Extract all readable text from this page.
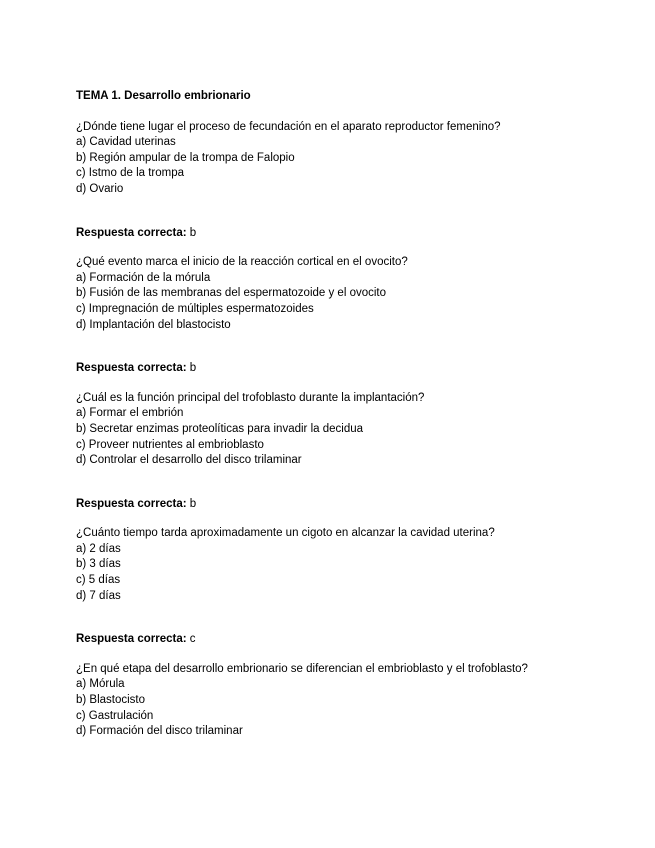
TEMA 1. Desarrollo embrionario

¿Dónde tiene lugar el proceso de fecundación en el aparato reproductor femenino?

a) Cavidad uterinas
b) Región ampular de la trompa de Falopio
c) Istmo de la trompa
d) Ovario

Respuesta correcta: b

¿Qué evento marca el inicio de la reacción cortical en el ovocito?

a) Formación de la mórula
b) Fusión de las membranas del espermatozoide y el ovocito
c) Impregnación de múltiples espermatozoides
d) Implantación del blastocisto

Respuesta correcta: b

¿Cuál es la función principal del trofoblasto durante la implantación?

a) Formar el embrión
b) Secretar enzimas proteolíticas para invadir la decidua
c) Proveer nutrientes al embrioblasto
d) Controlar el desarrollo del disco trilaminar

Respuesta correcta: b

¿Cuánto tiempo tarda aproximadamente un cigoto en alcanzar la cavidad uterina?

a) 2 días
b) 3 días
c) 5 días
d) 7 días

Respuesta correcta: c

¿En qué etapa del desarrollo embrionario se diferencian el embrioblasto y el trofoblasto?

a) Mórula
b) Blastocisto
c) Gastrulación
d) Formación del disco trilaminar
